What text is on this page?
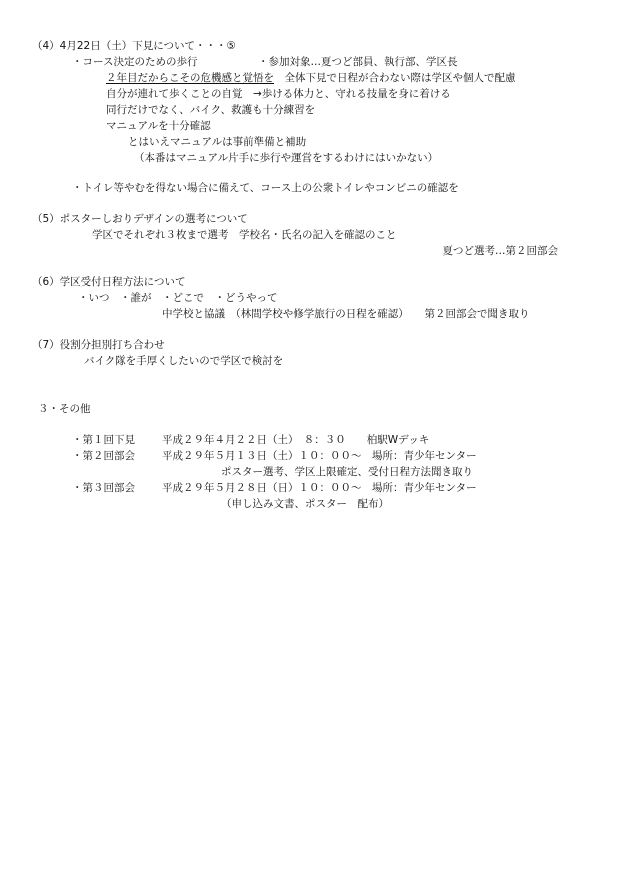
（4）4月22日（土）下見について・・・⑤
・コース決定のための歩行	・参加対象…夏つど部員、執行部、学区長
２年目だからこその危機感と覚悟を　 全体下見で日程が合わない際は学区や個人で配慮
自分が連れて歩くことの自覚　→歩ける体力と、守れる技量を身に着ける
同行だけでなく、バイク、救護も十分練習を
マニュアルを十分確認
とはいえマニュアルは事前準備と補助
（本番はマニュアル片手に歩行や運営をするわけにはいかない）
・トイレ等やむを得ない場合に備えて、コース上の公衆トイレやコンビニの確認を
（5）ポスターしおりデザインの選考について
学区でそれぞれ３枚まで選考　学校名・氏名の記入を確認のこと
夏つど選考…第２回部会
（6）学区受付日程方法について
・いつ　・誰が　・どこで　・どうやって
中学校と協議　（林間学校や修学旅行の日程を確認）　　第２回部会で聞き取り
（7）役割分担別打ち合わせ
バイク隊を手厚くしたいので学区で検討を
３・その他
・第１回下見	平成２９年４月２２日（土）　８：３０　　柏駅Wデッキ
・第２回部会	平成２９年５月１３日（土）１０：００～　場所：青少年センター
ポスター選考、学区上限確定、受付日程方法聞き取り
・第３回部会	平成２９年５月２８日（日）１０：００～　場所：青少年センター
（申し込み文書、ポスター　配布）
